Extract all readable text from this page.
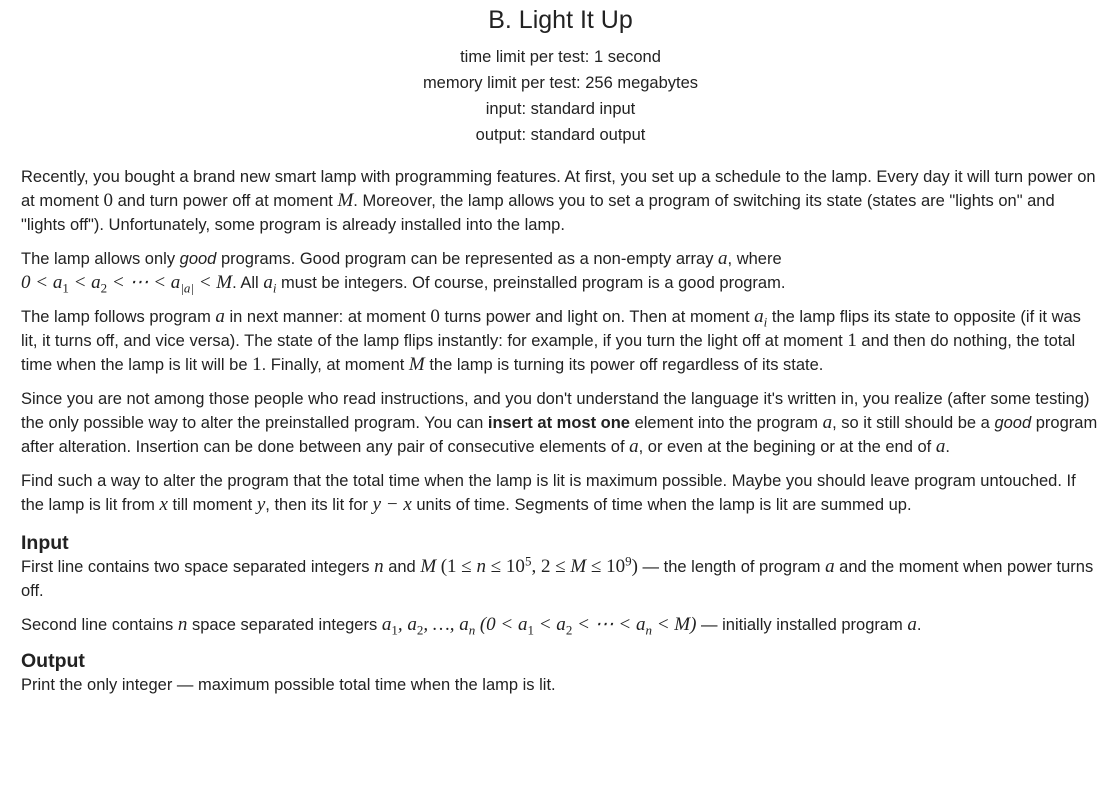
B. Light It Up
time limit per test: 1 second
memory limit per test: 256 megabytes
input: standard input
output: standard output

Recently, you bought a brand new smart lamp with programming features. At first, you set up a schedule to the lamp. Every day it will turn power on at moment 0 and turn power off at moment M. Moreover, the lamp allows you to set a program of switching its state (states are "lights on" and "lights off"). Unfortunately, some program is already installed into the lamp.

The lamp allows only good programs. Good program can be represented as a non-empty array a, where
$0 < a_1 < a_2$ < ⋯ < $a_{|a|} < M$. All $a_i$ must be integers. Of course, preinstalled program is a good program.

The lamp follows program a in next manner: at moment 0 turns power and light on. Then at moment $a_i$ the lamp flips its state to opposite (if it was lit, it turns off, and vice versa). The state of the lamp flips instantly: for example, if you turn the light off at moment 1 and then do nothing, the total time when the lamp is lit will be 1. Finally, at moment M the lamp is turning its power off regardless of its state.

Since you are not among those people who read instructions, and you don't understand the language it's written in, you realize (after some testing) the only possible way to alter the preinstalled program. You can insert at most one element into the program a, so it still should be a good program after alteration. Insertion can be done between any pair of consecutive elements of a, or even at the begining or at the end of a.

Find such a way to alter the program that the total time when the lamp is lit is maximum possible. Maybe you should leave program untouched. If the lamp is lit from x till moment y, then its lit for y − x units of time. Segments of time when the lamp is lit are summed up.

Input

First line contains two space separated integers n and M ($1 \le n \le 10^5$, $2 \le M \le 10^9$) — the length of program a and the moment when power turns off.

Second line contains n space separated integers $a_1$, $a_2$, …, $a_n$ ($0 < a_1 < a_2$ < ⋯ < $a_n < M$) — initially installed program a.

Output

Print the only integer — maximum possible total time when the lamp is lit.
